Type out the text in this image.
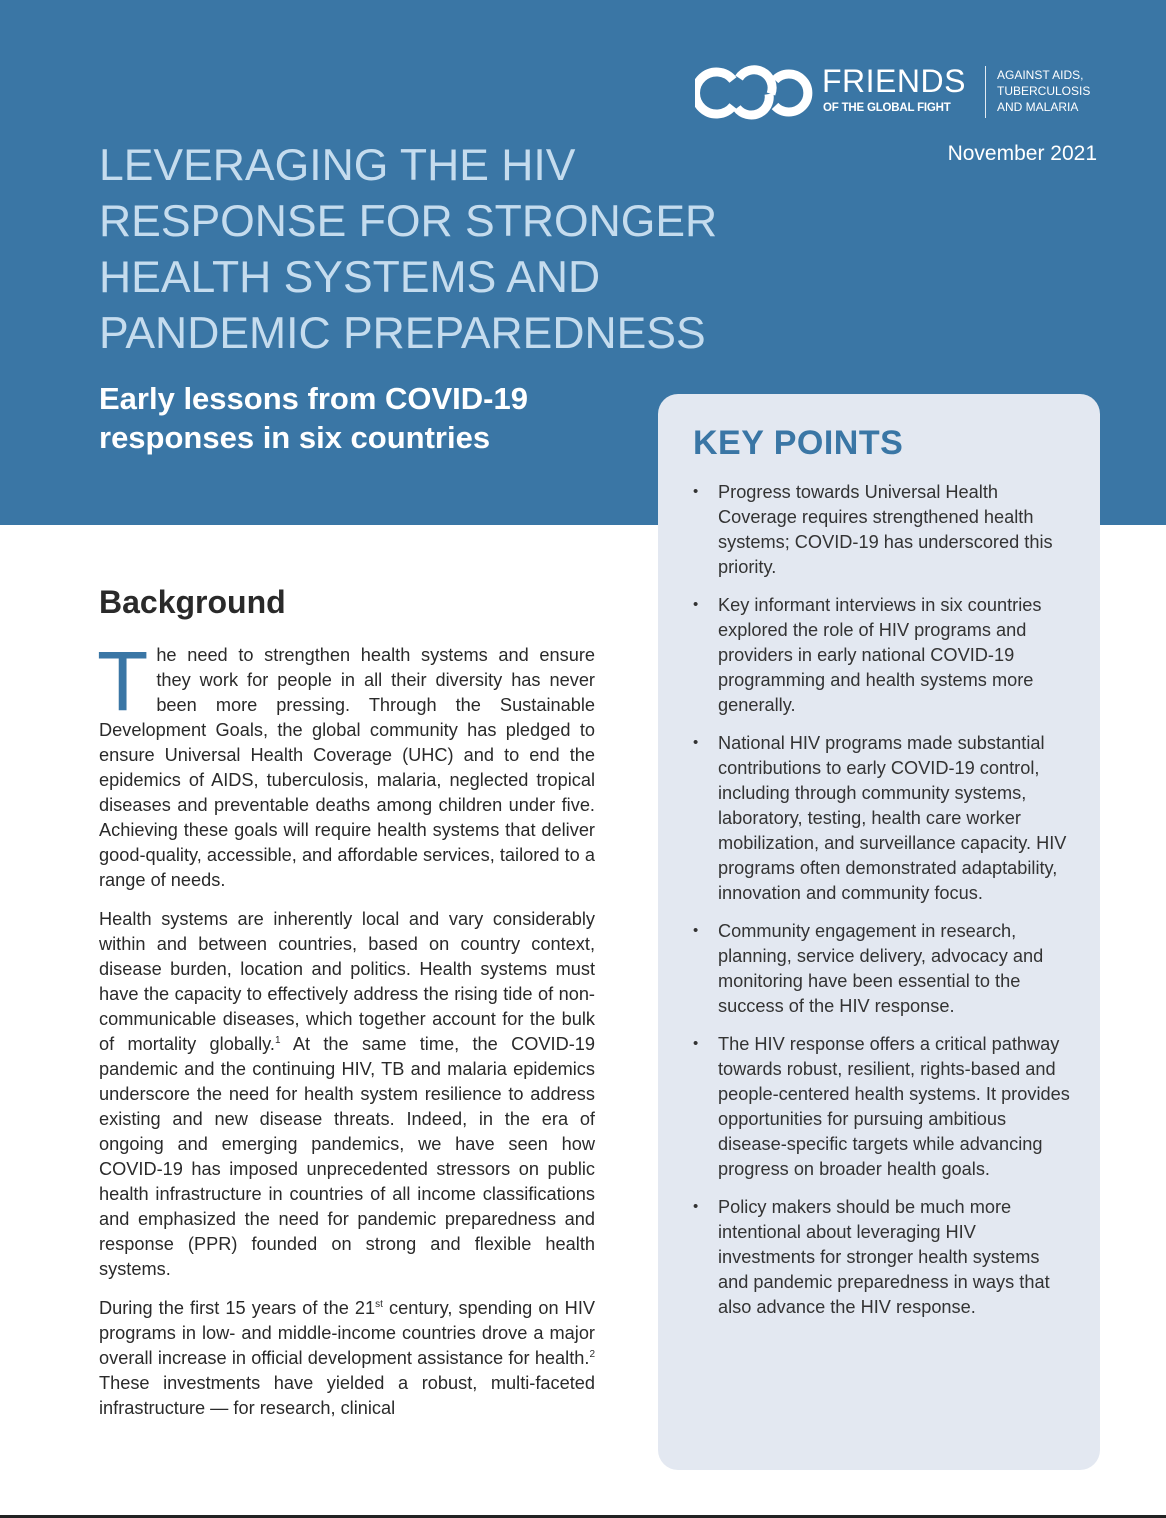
FRIENDS
OF THE GLOBAL FIGHT
AGAINST AIDS,
TUBERCULOSIS
AND MALARIA
November 2021
LEVERAGING THE HIV
RESPONSE FOR STRONGER
HEALTH SYSTEMS AND
PANDEMIC PREPAREDNESS
Early lessons from COVID-19
responses in six countries	KEY POINTS
• Progress towards Universal Health Coverage requires strengthened health systems; COVID-19 has underscored this priority.
• Key informant interviews in six countries explored the role of HIV programs and providers in early national COVID-19 programming and health systems more generally.
• National HIV programs made substantial contributions to early COVID-19 control, including through community systems, laboratory, testing, health care worker mobilization, and surveillance capacity. HIV programs often demonstrated adaptability, innovation and community focus.
• Community engagement in research, planning, service delivery, advocacy and monitoring have been essential to the success of the HIV response.
• The HIV response offers a critical pathway towards robust, resilient, rights-based and people-centered health systems. It provides opportunities for pursuing ambitious disease-specific targets while advancing progress on broader health goals.
• Policy makers should be much more intentional about leveraging HIV investments for stronger health systems and pandemic preparedness in ways that also advance the HIV response.
Background

The need to strengthen health systems and ensure they work for people in all their diversity has never been more pressing. Through the Sustainable Development Goals, the global community has pledged to ensure Universal Health Coverage (UHC) and to end the epidemics of AIDS, tuberculosis, malaria, neglected tropical diseases and preventable deaths among children under five. Achieving these goals will require health systems that deliver good-quality, accessible, and affordable services, tailored to a range of needs.

Health systems are inherently local and vary considerably within and between countries, based on country context, disease burden, location and politics. Health systems must have the capacity to effectively address the rising tide of non-communicable diseases, which together account for the bulk of mortality globally.$^1$ At the same time, the COVID-19 pandemic and the continuing HIV, TB and malaria epidemics underscore the need for health system resilience to address existing and new disease threats. Indeed, in the era of ongoing and emerging pandemics, we have seen how COVID-19 has imposed unprecedented stressors on public health infrastructure in countries of all income classifications and emphasized the need for pandemic preparedness and response (PPR) founded on strong and flexible health systems.

During the first 15 years of the 21st century, spending on HIV programs in low- and middle-income countries drove a major overall increase in official development assistance for health.$^2$ These investments have yielded a robust, multi-faceted infrastructure — for research, clinical
